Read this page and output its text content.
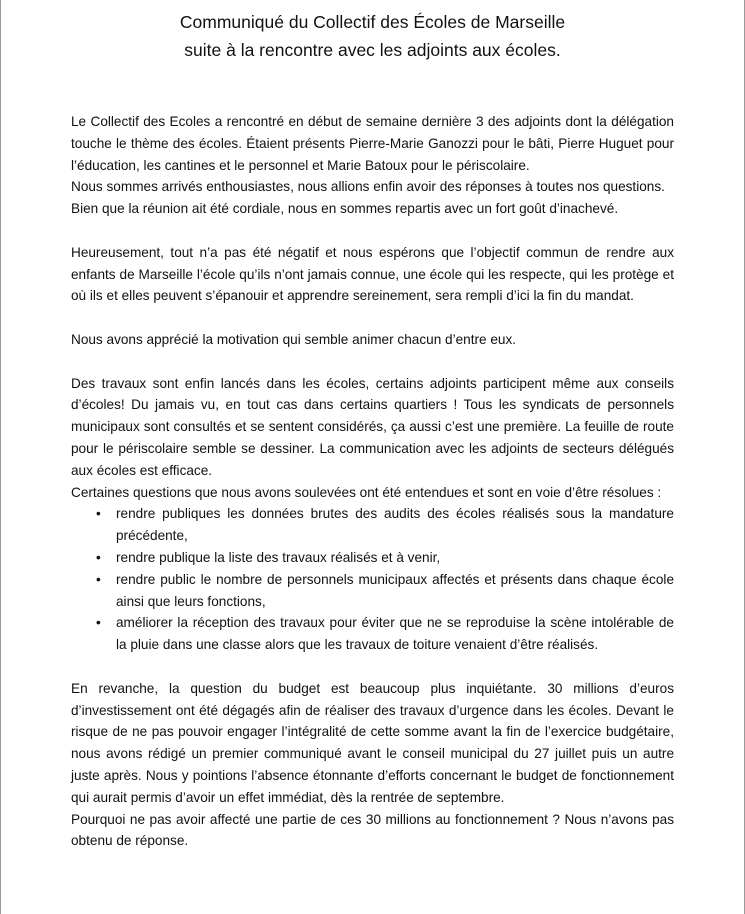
Communiqué du Collectif des Écoles de Marseille
suite à la rencontre avec les adjoints aux écoles.

Le Collectif des Ecoles a rencontré en début de semaine dernière 3 des adjoints dont la délégation touche le thème des écoles. Étaient présents Pierre-Marie Ganozzi pour le bâti, Pierre Huguet pour l’éducation, les cantines et le personnel et Marie Batoux pour le périscolaire.

Nous sommes arrivés enthousiastes, nous allions enfin avoir des réponses à toutes nos questions.

Bien que la réunion ait été cordiale, nous en sommes repartis avec un fort goût d’inachevé.

Heureusement, tout n’a pas été négatif et nous espérons que l’objectif commun de rendre aux enfants de Marseille l’école qu’ils n’ont jamais connue, une école qui les respecte, qui les protège et où ils et elles peuvent s’épanouir et apprendre sereinement, sera rempli d’ici la fin du mandat.

Nous avons apprécié la motivation qui semble animer chacun d’entre eux.

Des travaux sont enfin lancés dans les écoles, certains adjoints participent même aux conseils d’écoles! Du jamais vu, en tout cas dans certains quartiers ! Tous les syndicats de personnels municipaux sont consultés et se sentent considérés, ça aussi c’est une première. La feuille de route pour le périscolaire semble se dessiner. La communication avec les adjoints de secteurs délégués aux écoles est efficace.

Certaines questions que nous avons soulevées ont été entendues et sont en voie d’être résolues :

• rendre publiques les données brutes des audits des écoles réalisés sous la mandature précédente,
• rendre publique la liste des travaux réalisés et à venir,
• rendre public le nombre de personnels municipaux affectés et présents dans chaque école ainsi que leurs fonctions,
• améliorer la réception des travaux pour éviter que ne se reproduise la scène intolérable de la pluie dans une classe alors que les travaux de toiture venaient d’être réalisés.

En revanche, la question du budget est beaucoup plus inquiétante. 30 millions d’euros d’investissement ont été dégagés afin de réaliser des travaux d’urgence dans les écoles. Devant le risque de ne pas pouvoir engager l’intégralité de cette somme avant la fin de l’exercice budgétaire, nous avons rédigé un premier communiqué avant le conseil municipal du 27 juillet puis un autre juste après. Nous y pointions l’absence étonnante d’efforts concernant le budget de fonctionnement qui aurait permis d’avoir un effet immédiat, dès la rentrée de septembre.

Pourquoi ne pas avoir affecté une partie de ces 30 millions au fonctionnement ? Nous n’avons pas obtenu de réponse.
